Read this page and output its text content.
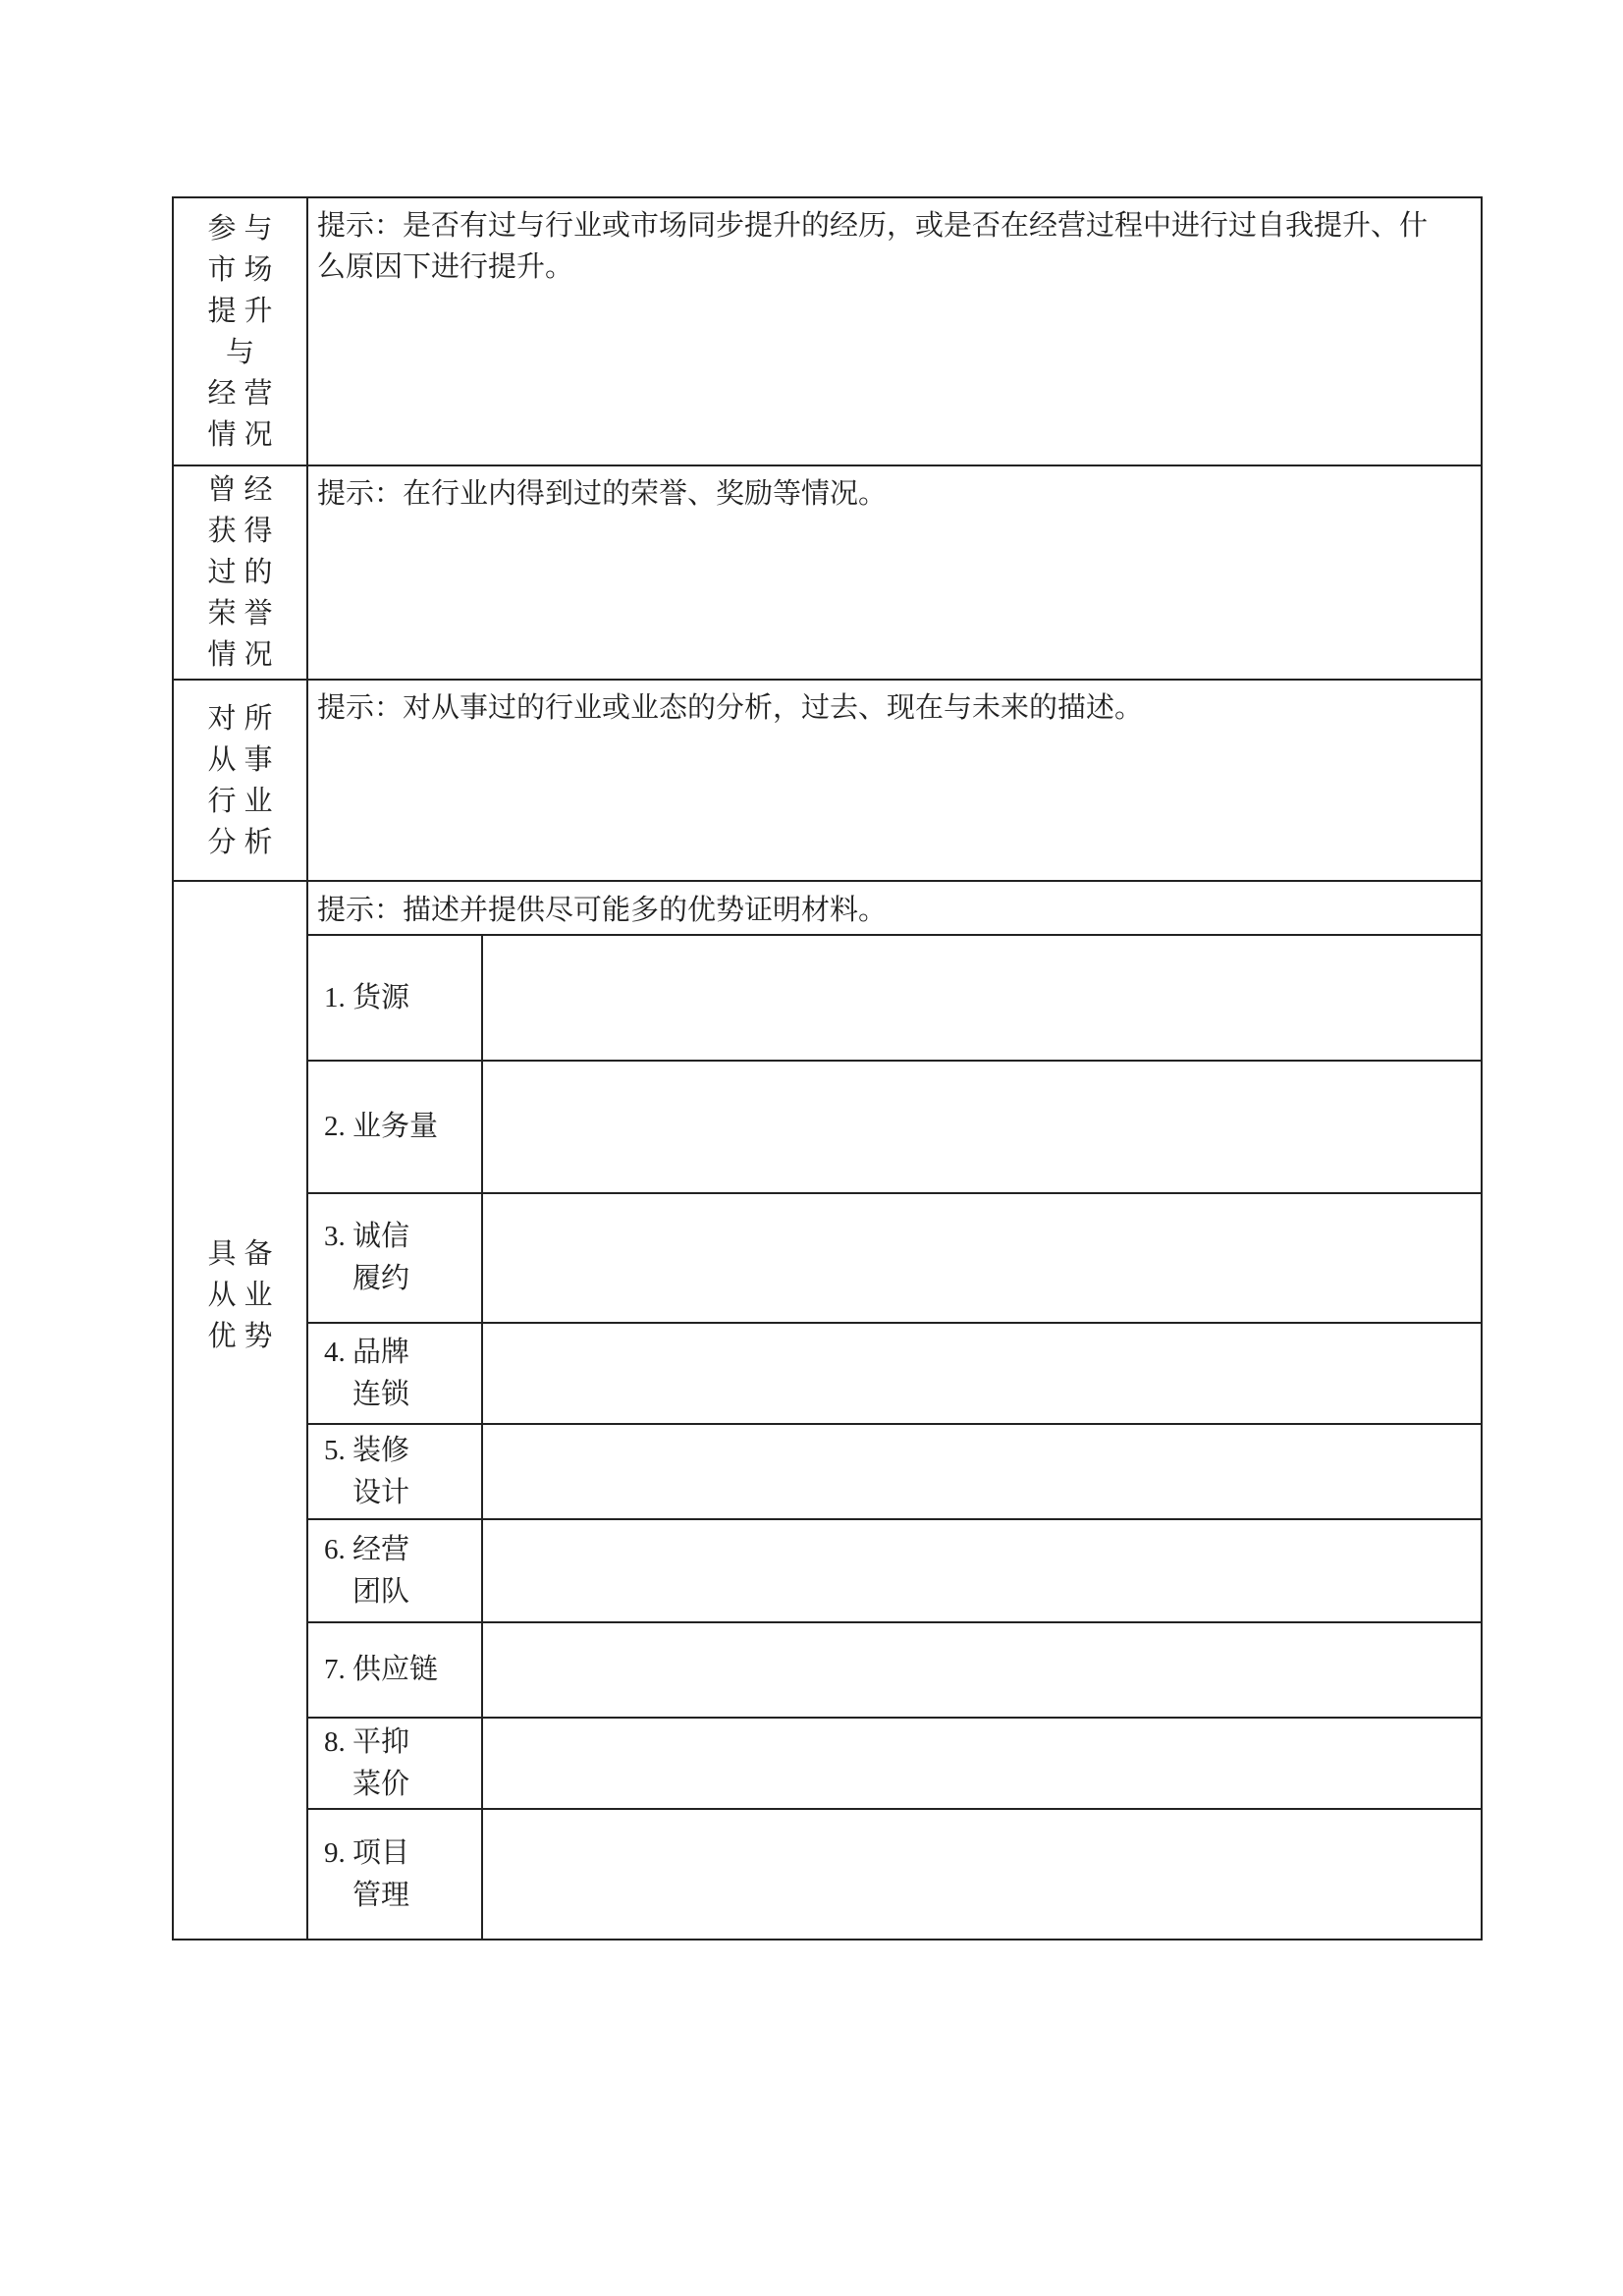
参与
市场
提升
与
经营
情况
提示：是否有过与行业或市场同步提升的经历，或是否在经营过程中进行过自我提升、什么原因下进行提升。
曾经
获得
过的
荣誉
情况
提示：在行业内得到过的荣誉、奖励等情况。
对所
从事
行业
分析
提示：对从事过的行业或业态的分析，过去、现在与未来的描述。
具备
从业
优势
提示：描述并提供尽可能多的优势证明材料。
1. 货源
2. 业务量
3. 诚信
履约
4. 品牌
连锁
5. 装修
设计
6. 经营
团队
7. 供应链
8. 平抑
菜价
9. 项目
管理
